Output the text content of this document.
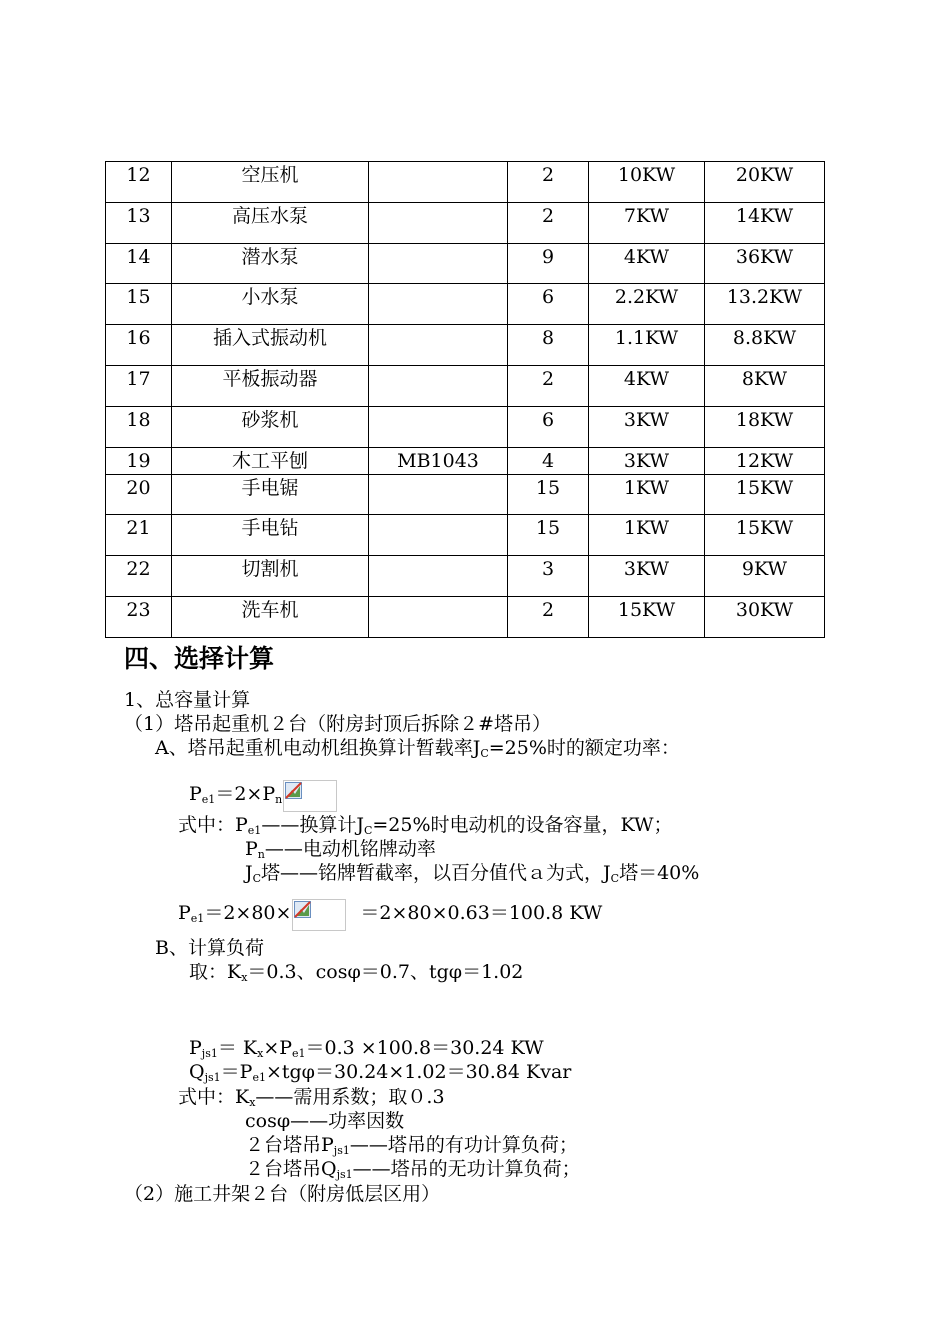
12	空压机		2	10KW	20KW
13	高压水泵		2	7KW	14KW
14	潜水泵		9	4KW	36KW
15	小水泵		6	2.2KW	13.2KW
16	插入式振动机		8	1.1KW	8.8KW
17	平板振动器		2	4KW	8KW
18	砂浆机		6	3KW	18KW
19	木工平刨	MB1043	4	3KW	12KW
20	手电锯		15	1KW	15KW
21	手电钻		15	1KW	15KW
22	切割机		3	3KW	9KW
23	洗车机		2	15KW	30KW
四、选择计算
1、总容量计算
（1）塔吊起重机２台（附房封顶后拆除２#塔吊）
A、塔吊起重机电动机组换算计暂载率$J_C=25\%$时的额定功率：
$P_{e1}=2\times P_n$
式中：$P_{e1}——$换算计$J_C=25\%$时电动机的设备容量，KW；
$P_n——$电动机铭牌动率
$J_C$塔——铭牌暂截率，以百分值代ａ为式，$J_C$塔＝40%
$P_{e1}=2\times 80\times$	＝2×80×0.63＝100.8 KW
B、计算负荷
取：$K_x=0.3$、cosφ＝0.7、tgφ＝1.02
$P_{js1}= K_x\times P_{e1}=0.3 \times 100.8=30.24$ KW
$Q_{js1}=P_{e1}\times tg\varphi=30.24\times 1.02=30.84$ Kvar
式中：$K_x——$需用系数；取０.3
cosφ——功率因数
２台塔吊$P_{js1}——$塔吊的有功计算负荷；
２台塔吊$Q_{js1}——$塔吊的无功计算负荷；
（2）施工井架２台（附房低层区用）
